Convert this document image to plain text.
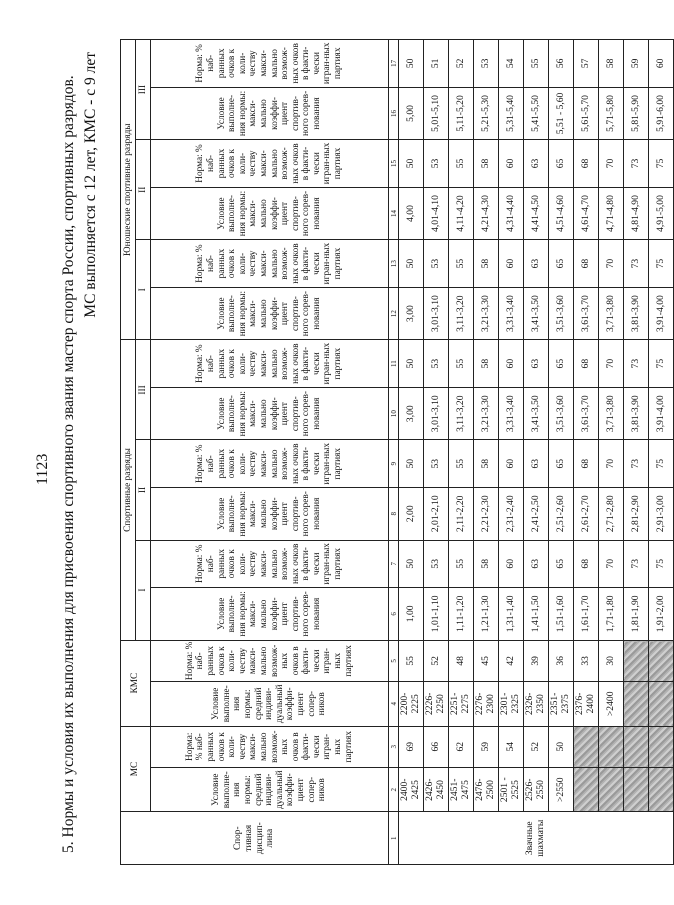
1123 5. Нормы и условия их выполнения для присвоения спортивного звания мастер спорта России, спортивных разрядов. МС выполняется с 12 лет, КМС - с 9 лет
Спор-тивная дисцип-лина	МС		КМС		Спортивные разряды						Юношеские спортивные разряды					
					I		II		III		I		II		III	
	Условие выполне-ния нормы: средний индиви-дуальный коэффи-циент сопер-ников	Норма: % наб-ранных очков к коли-честву макси-мально возмож-ных очков в факти-чески игран-ных партиях	Условие выполне-ния нормы: средний индиви-дуальный коэффи-циент сопер-ников	Норма: % наб-ранных очков к коли-честву макси-мально возмож-ных очков в факти-чески игран-ных партиях	Условие выполне-ния нормы: макси-мально коэффи-циент спортив-ного сорев-нования	Норма: % наб-ранных очков к коли-честву макси-мально возмож-ных очков в факти-чески игран-ных партиях	Условие выполне-ния нормы: макси-мально коэффи-циент спортив-ного сорев-нования	Норма: % наб-ранных очков к коли-честву макси-мально возмож-ных очков в факти-чески игран-ных партиях	Условие выполне-ния нормы: макси-мально коэффи-циент спортив-ного сорев-нования	Норма: % наб-ранных очков к коли-честву макси-мально возмож-ных очков в факти-чески игран-ных партиях	Условие выполне-ния нормы: макси-мально коэффи-циент спортив-ного сорев-нования	Норма: % наб-ранных очков к коли-честву макси-мально возмож-ных очков в факти-чески игран-ных партиях	Условие выполне-ния нормы: макси-мально коэффи-циент спортив-ного сорев-нования	Норма: % наб-ранных очков к коли-честву макси-мально возмож-ных очков в факти-чески игран-ных партиях	Условие выполне-ния нормы: макси-мально коэффи-циент спортив-ного сорев-нования	Норма: % наб-ранных очков к коли-честву макси-мально возмож-ных очков в факти-чески игран-ных партиях
1	2	3	4	5	6	7	8	9	10	11	12	13	14	15	16	17
Звачные шахматы	2400-2425	69	2200-2225	55	1,00	50	2,00	50	3,00	50	3,00	50	4,00	50	5,00	50
	2426-2450	66	2226-2250	52	1,01-1,10	53	2,01-2,10	53	3,01-3,10	53	3,01-3,10	53	4,01-4,10	53	5,01-5,10	51
	2451-2475	62	2251-2275	48	1,11-1,20	55	2,11-2,20	55	3,11-3,20	55	3,11-3,20	55	4,11-4,20	55	5,11-5,20	52
	2476-2500	59	2276-2300	45	1,21-1,30	58	2,21-2,30	58	3,21-3,30	58	3,21-3,30	58	4,21-4,30	58	5,21-5,30	53
	2501 - 2525	54	2301-2325	42	1,31-1,40	60	2,31-2,40	60	3,31-3,40	60	3,31-3,40	60	4,31-4,40	60	5,31-5,40	54
	2526-2550	52	2326-2350	39	1,41-1,50	63	2,41-2,50	63	3,41-3,50	63	3,41-3,50	63	4,41-4,50	63	5,41-5,50	55
	>2550	50	2351-2375	36	1,51-1,60	65	2,51-2,60	65	3,51-3,60	65	3,51-3,60	65	4,51-4,60	65	5,51 - 5,60	56
			2376-2400	33	1,61-1,70	68	2,61-2,70	68	3,61-3,70	68	3,61-3,70	68	4,61-4,70	68	5,61-5,70	57
			>2400	30	1,71-1,80	70	2,71-2,80	70	3,71-3,80	70	3,71-3,80	70	4,71-4,80	70	5,71-5,80	58
					1,81-1,90	73	2,81-2,90	73	3,81-3,90	73	3,81-3,90	73	4,81-4,90	73	5,81-5,90	59
					1,91-2,00	75	2,91-3,00	75	3,91-4,00	75	3,91-4,00	75	4,91-5,00	75	5,91-6,00	60
